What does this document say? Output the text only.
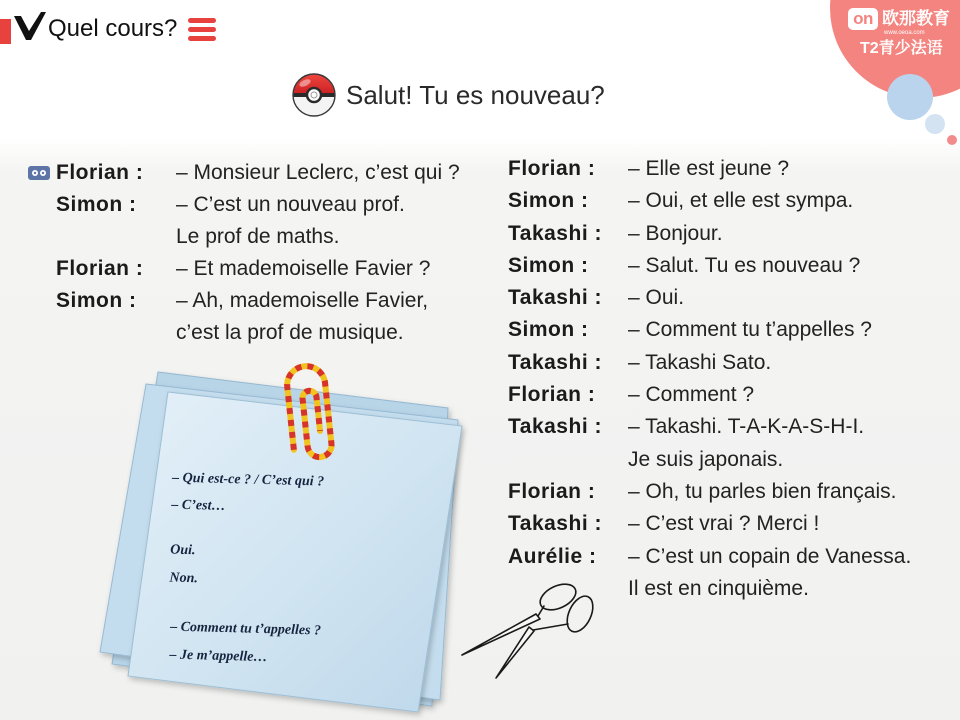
Quel cours?	on 欧那教育
www.oeoa.com
T2青少法语
Salut! Tu es nouveau?
Florian : – Monsieur Leclerc, c’est qui ?
Simon : – C’est un nouveau prof.
Le prof de maths.
Florian : – Et mademoiselle Favier ?
Simon : – Ah, mademoiselle Favier,
c’est la prof de musique.
Florian : – Elle est jeune ?
Simon : – Oui, et elle est sympa.
Takashi : – Bonjour.
Simon : – Salut. Tu es nouveau ?
Takashi : – Oui.
Simon : – Comment tu t’appelles ?
Takashi : – Takashi Sato.
Florian : – Comment ?
Takashi : – Takashi. T-A-K-A-S-H-I.
Je suis japonais.
Florian : – Oh, tu parles bien français.
Takashi : – C’est vrai ? Merci !
Aurélie : – C’est un copain de Vanessa.
Il est en cinquième.
– Qui est-ce ? / C’est qui ?
– C’est…
Oui.
Non.
– Comment tu t’appelles ?
– Je m’appelle…
